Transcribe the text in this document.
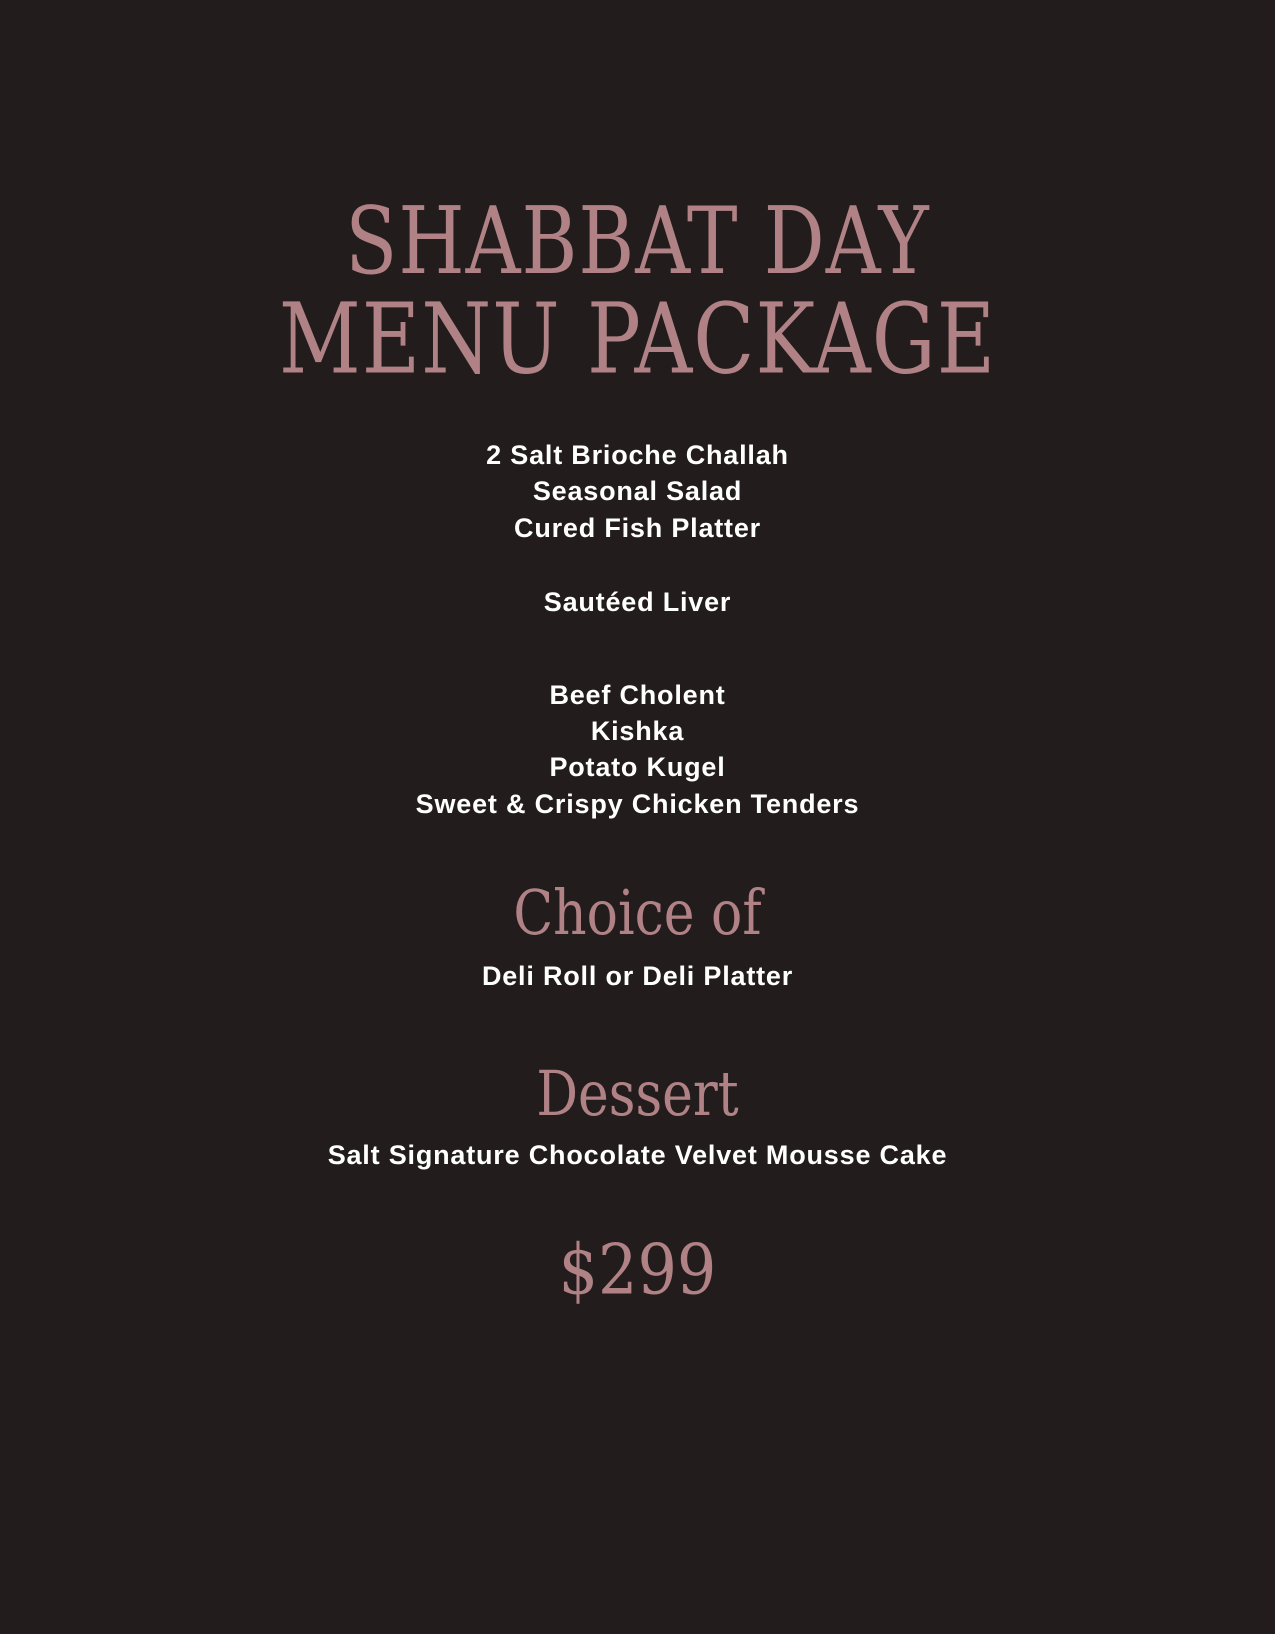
SHABBAT DAY
MENU PACKAGE
2 Salt Brioche Challah
Seasonal Salad
Cured Fish Platter
Sautéed Liver
Beef Cholent
Kishka
Potato Kugel
Sweet & Crispy Chicken Tenders
Choice of
Deli Roll or Deli Platter
Dessert
Salt Signature Chocolate Velvet Mousse Cake
$299
